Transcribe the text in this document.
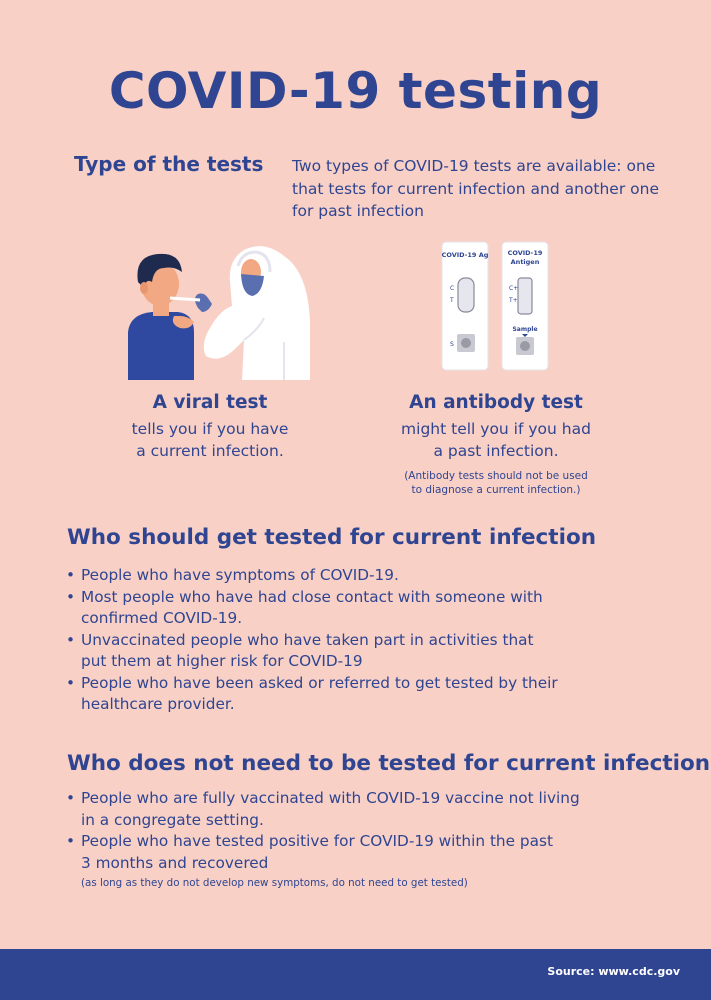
COVID-19 testing
Type of the tests Two types of COVID-19 tests are available: one that tests for current infection and another one for past infection
COVID-19 Ag
C
T
S
COVID-19
Antigen
C+
T+
Sample
A viral test
tells you if you have
a current infection.
An antibody test
might tell you if you had
a past infection.
(Antibody tests should not be used
to diagnose a current infection.)
Who should get tested for current infection
• People who have symptoms of COVID-19.
• Most people who have had close contact with someone with
confirmed COVID-19.
• Unvaccinated people who have taken part in activities that
put them at higher risk for COVID-19
• People who have been asked or referred to get tested by their
healthcare provider.
Who does not need to be tested for current infection
• People who are fully vaccinated with COVID-19 vaccine not living
in a congregate setting.
• People who have tested positive for COVID-19 within the past
3 months and recovered
(as long as they do not develop new symptoms, do not need to get tested)
Source: www.cdc.gov
